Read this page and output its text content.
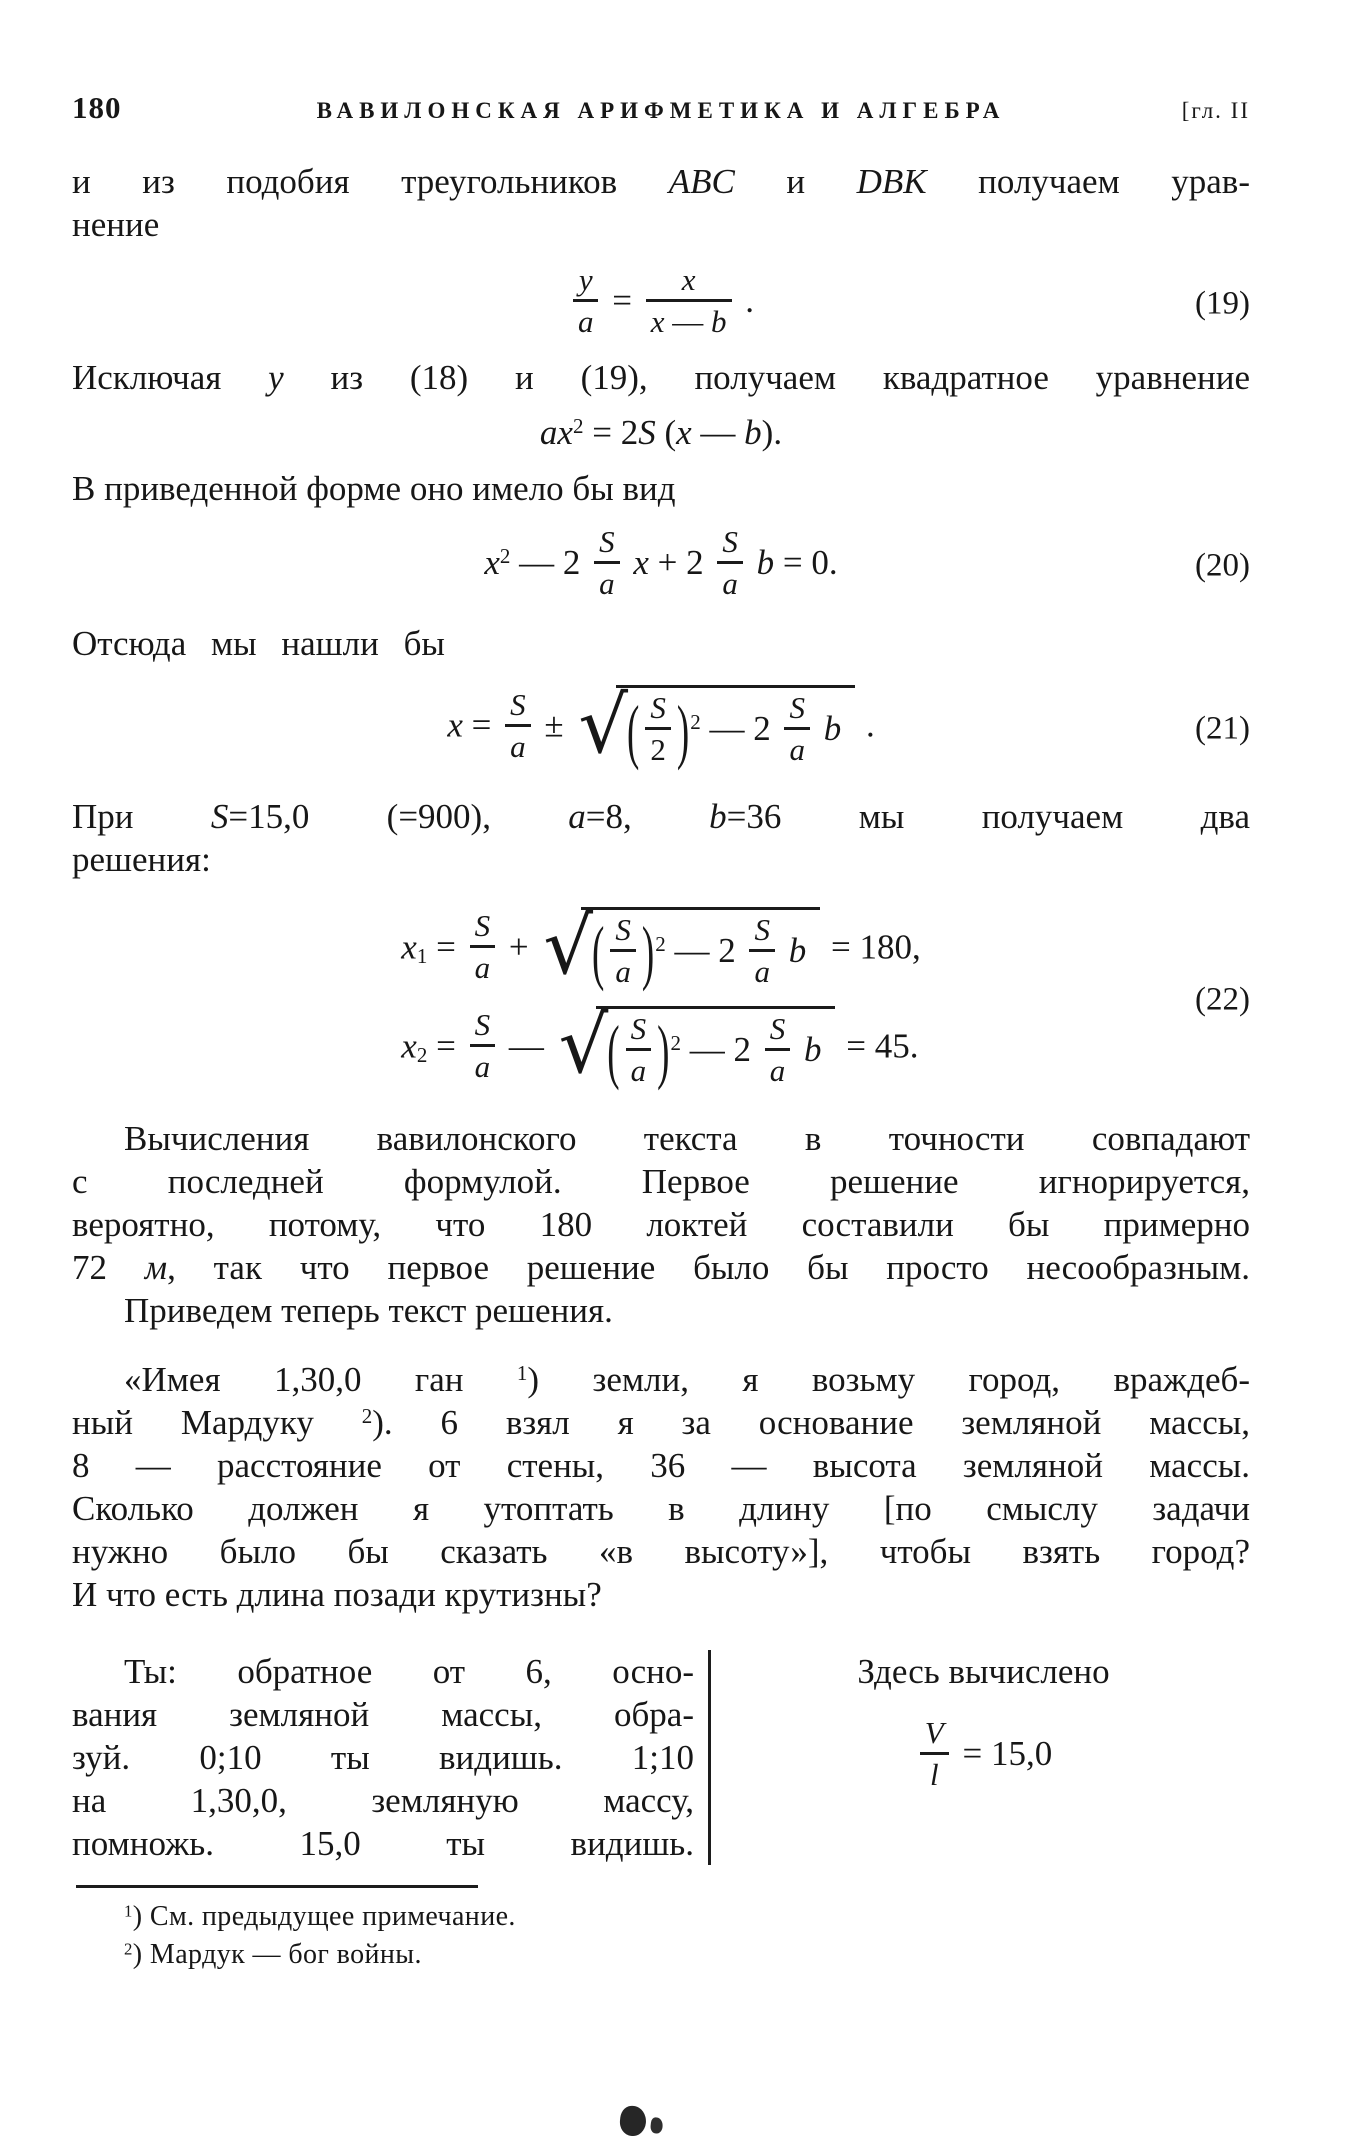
180	ВАВИЛОНСКАЯ АРИФМЕТИКА И АЛГЕБРА	[гл. II
и из подобия треугольников ABC и DBK получаем урав-
нение
$\frac{y}{a} = \frac{x}{x — b}$ .	(19)
Исключая y из (18) и (19), получаем квадратное уравнение
$ax^2 = 2S$ (x — b).
В приведенной форме оно имело бы вид
$x^2$ — $2 \frac{S}{a}$ $x + 2 \frac{S}{a}$ b = 0.	(20)
Отсюда мы нашли бы
$x = \frac{S}{a}$ ± √ ( $\frac{S}{2}$ ) $^2$ — $2 \frac{S}{a}$ b .	(21)
При S=15,0 (=900), a=8, b=36 мы получаем два
решения:
$x1 = \frac{S}{a}$ + √ ( $\frac{S}{a}$ ) $^2$ — $2 \frac{S}{a}$ b = 180,
$x2 = \frac{S}{a}$ — √ ( $\frac{S}{a}$ ) $^2$ — $2 \frac{S}{a}$ b = 45.
(22)
Вычисления вавилонского текста в точности совпадают
с последней формулой. Первое решение игнорируется,
вероятно, потому, что 180 локтей составили бы примерно
72 м, так что первое решение было бы просто несообразным.
Приведем теперь текст решения.
«Имея 1,30,0 ган $^1$) земли, я возьму город, враждеб-
ный Мардуку $^2$). 6 взял я за основание земляной массы,
8 — расстояние от стены, 36 — высота земляной массы.
Сколько должен я утоптать в длину [по смыслу задачи
нужно было бы сказать «в высоту»], чтобы взять город?
И что есть длина позади крутизны?
Ты: обратное от 6, осно-
вания земляной массы, обра-
зуй. 0;10 ты видишь. 1;10
на 1,30,0, земляную массу,
помножь. 15,0 ты видишь.
Здесь вычислено
$\frac{V}{l} = 15,0$
$^1$) См. предыдущее примечание.
$^2$) Мардук — бог войны.
